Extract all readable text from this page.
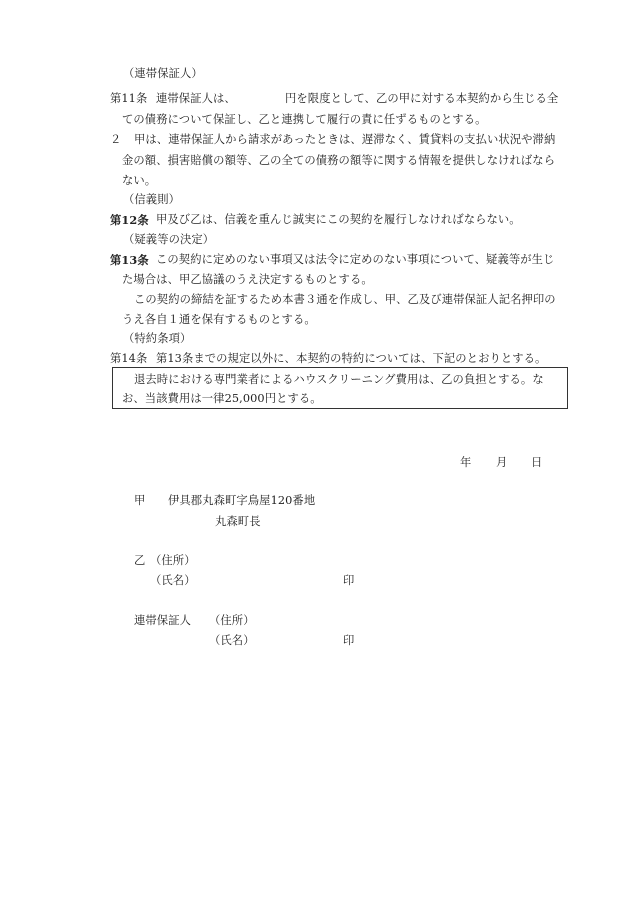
（連帯保証人）
第11条 連帯保証人は、	円を限度として、乙の甲に対する本契約から生じる全
ての債務について保証し、乙と連携して履行の責に任ずるものとする。
２ 甲は、連帯保証人から請求があったときは、遅滞なく、賃貸料の支払い状況や滞納
金の額、損害賠償の額等、乙の全ての債務の額等に関する情報を提供しなければなら
ない。
（信義則）
第12条 甲及び乙は、信義を重んじ誠実にこの契約を履行しなければならない。
（疑義等の決定）
第13条 この契約に定めのない事項又は法令に定めのない事項について、疑義等が生じ
た場合は、甲乙協議のうえ決定するものとする。
この契約の締結を証するため本書３通を作成し、甲、乙及び連帯保証人記名押印の
うえ各自１通を保有するものとする。
（特約条項）
第14条 第13条までの規定以外に、本契約の特約については、下記のとおりとする。
退去時における専門業者によるハウスクリーニング費用は、乙の負担とする。な
お、当該費用は一律25,000円とする。
年 月 日
甲 伊具郡丸森町字鳥屋120番地
丸森町長
乙 （住所）
（氏名）	印
連帯保証人 （住所）
（氏名）	印
